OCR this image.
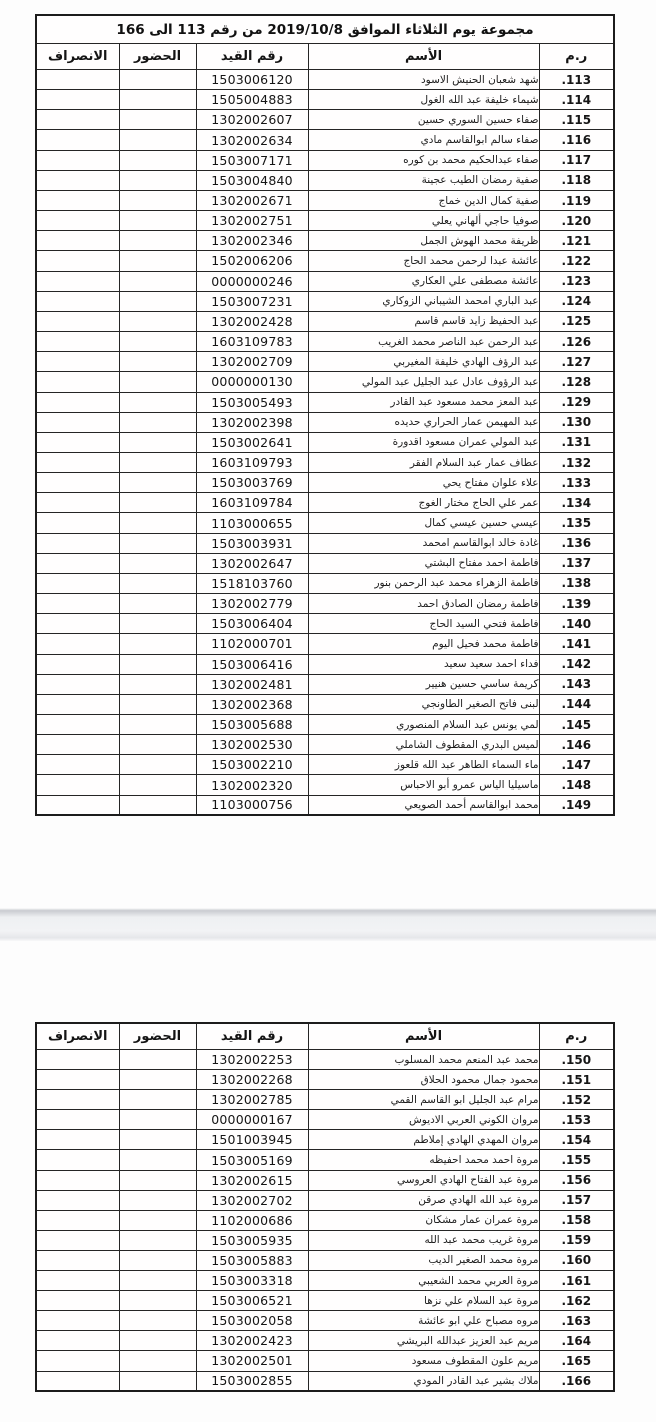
مجموعة يوم الثلاثاء الموافق 2019/10/8 من رقم 113 الى 166				
ر.م	الأسم	رقم القيد	الحضور	الانصراف
113.	شهد شعبان الحنيش الاسود	1503006120		
114.	شيماء خليفة عبد الله الغول	1505004883		
115.	صفاء حسين السوري حسين	1302002607		
116.	صفاء سالم ابوالقاسم مادي	1302002634		
117.	صفاء عبدالحكيم محمد بن كوره	1503007171		
118.	صفية رمضان الطيب عجينة	1503004840		
119.	صفية كمال الدين خماج	1302002671		
120.	صوفيا حاجي ألهاني يعلي	1302002751		
121.	ظريفة محمد الهوش الجمل	1302002346		
122.	عائشة عبدا لرحمن محمد الحاج	1502006206		
123.	عائشة مصطفى علي العكاري	0000000246		
124.	عبد الباري امحمد الشيباني الزوكاري	1503007231		
125.	عبد الحفيظ زايد قاسم قاسم	1302002428		
126.	عبد الرحمن عبد الناصر محمد الغريب	1603109783		
127.	عبد الرؤف الهادي خليفة المغيربي	1302002709		
128.	عبد الرؤوف عادل عبد الجليل عبد المولي	0000000130		
129.	عبد المعز محمد مسعود عبد القادر	1503005493		
130.	عبد المهيمن عمار الحراري حديده	1302002398		
131.	عبد المولي عمران مسعود اقدورة	1503002641		
132.	عطاف عمار عبد السلام الفقر	1603109793		
133.	علاء علوان مفتاح يحي	1503003769		
134.	عمر علي الحاج مختار الغوج	1603109784		
135.	عيسي حسين عيسي كمال	1103000655		
136.	غادة خالد ابوالقاسم امحمد	1503003931		
137.	فاطمة احمد مفتاح البشتي	1302002647		
138.	فاطمة الزهراء محمد عبد الرحمن بنور	1518103760		
139.	فاطمة رمضان الصادق احمد	1302002779		
140.	فاطمة فتحي السيد الحاج	1503006404		
141.	فاطمة محمد فحيل اليوم	1102000701		
142.	فداء احمد سعيد سعيد	1503006416		
143.	كريمة ساسي حسين هنيير	1302002481		
144.	لبنى فاتح الصغير الطاونجي	1302002368		
145.	لمي يونس عبد السلام المنصوري	1503005688		
146.	لميس البدري المقطوف الشاملي	1302002530		
147.	ماء السماء الطاهر عبد الله قلعوز	1503002210		
148.	ماسيليا الياس عمرو أبو الاحباس	1302002320		
149.	محمد ابوالقاسم أحمد الصويعي	1103000756		
ر.م	الأسم	رقم القيد	الحضور	الانصراف
150.	محمد عبد المنعم محمد المسلوب	1302002253		
151.	محمود جمال محمود الحلاق	1302002268		
152.	مرام عبد الجليل ابو القاسم القمي	1302002785		
153.	مروان الكوني العربي الاديوش	0000000167		
154.	مروان المهدي الهادي إملاطم	1501003945		
155.	مروة احمد محمد احفيظه	1503005169		
156.	مروة عبد الفتاح الهادي العروسي	1302002615		
157.	مروة عبد الله الهادي صرقن	1302002702		
158.	مروة عمران عمار مشكان	1102000686		
159.	مروة غريب محمد عبد الله	1503005935		
160.	مروة محمد الصغير الديب	1503005883		
161.	مروة العربي محمد الشعيبي	1503003318		
162.	مروة عبد السلام علي نزها	1503006521		
163.	مروه مصباح علي ابو عائشة	1503002058		
164.	مريم عبد العزيز عبدالله البريشي	1302002423		
165.	مريم علون المقطوف مسعود	1302002501		
166.	ملاك بشير عبد القادر المودي	1503002855		
